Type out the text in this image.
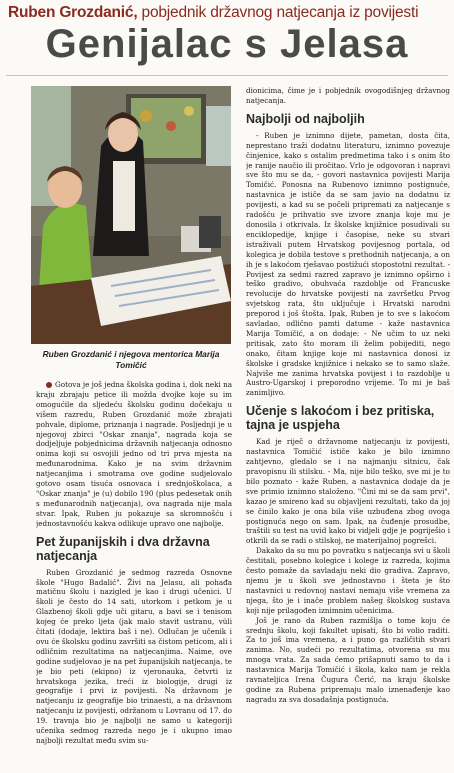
Ruben Grozdanić, pobjednik državnog natjecanja iz povijesti
Genijalac s Jelasa
Ruben Grozdanić i njegova mentorica Marija Tomičić

Gotova je još jedna školska godina i, dok neki na kraju zbrajaju petice ili možda dvojke koje su im omogućile da sljedeću školsku godinu dočekaju u višem razredu, Ruben Grozdanić može zbrajati pohvale, diplome, priznanja i nagrade. Posljednji je u njegovoj zbirci "Oskar znanja", nagrada koja se dodjeljuje pobjednicima državnih natjecanja odnosno onima koji su osvojili jedno od tri prva mjesta na međunarodnima. Kako je na svim državnim natjecanjima i smotrama ove godine sudjelovalo gotovo osam tisuća osnovaca i srednjoškolaca, a "Oskar znanja" je (u) dobilo 190 (plus pedesetak onih s međunarodnih natjecanja), ova nagrada nije mala stvar. Ipak, Ruben ju pokazuje sa skromnošću i jednostavnošću kakva odlikuje upravo one najbolje.

Pet županijskih i dva državna natjecanja

Ruben Grozdanić je sedmog razreda Osnovne škole "Hugo Badalić". Živi na Jelasu, ali pohađa matičnu školu i nazigled je kao i drugi učenici. U školi je često do 14 sati, utorkom i petkom je u Glazbenoj školi gdje uči gitaru, a bavi se i tenisom kojeg će preko ljeta (jak malo stavit ustranu, vüli čitati (dodaje, lektira baš i ne). Odlučan je učenik i ovu će školsku godinu završiti sa čistom peticom, ali i odličnim rezultatima na natjecanjima. Naime, ove godine sudjelovao je na pet županijskih natjecanja, te je bio peti (ekipno) iz vjeronauka, četvrti iz hrvatskoga jezika, treći iz biologije, drugi iz geografije i prvi iz povijesti. Na državnom je natjecanju iz geografije bio trinaesti, a na državnom natjecanju iz povijesti, održanom u Lovranu od 17. do 19. travnja bio je najbolji ne samo u kategoriji učenika sedmog razreda nego je i ukupno imao najbolji rezultat među svim su-

dionicima, čime je i pobjednik ovogodišnjeg državnog natjecanja.

Najbolji od najboljih

- Ruben je iznimno dijete, pametan, dosta čita, neprestano traži dodatnu literaturu, iznimno povezuje činjenice, kako s ostalim predmetima tako i s onim što je ranije naučio ili pročitao. Vrlo je odgovoran i napravi sve što mu se da, - govori nastavnica povijesti Marija Tomičić. Ponosna na Rubenovo iznimno postignuće, nastavnica je ističe da se sam javio na dodatnu iz povijesti, a kad su se počeli pripremati za natjecanje s radošću je prihvatio sve izvore znanja koje mu je donosila i otkrivala. Iz školske knjižnice posudivali su enciklopedije, knjige i časopise, neke su stvari istraživali putem Hrvatskog povijesnog portala, od kolegica je dobila testove s prethodnih natjecanja, a on ih je s lakoćom rješavao postižući stopostotni rezultat. - Povijest za sedmi razred zapravo je iznimno opširno i teško gradivo, obuhvaća razdoblje od Francuske revolucije do hrvatske povijesti na završetku Prvog svjetskog rata, što uključuje i Hrvatski narodni preporod i još štošta. Ipak, Ruben je to sve s lakoćom savladao, odlično pamti datume - kaže nastavnica Marija Tomičić, a on dodaje: - Ne učim to uz neki pritisak, zato što moram ili želim pobijediti, nego onako, čitam knjige koje mi nastavnica donosi iz školske i gradske knjižnice i nekako se to samo slaže. Najviše me zanima hrvatska povijest i to razdoblje u Austro-Ugarskoj i preporodno vrijeme. To mi je baš zanimljivo.

Učenje s lakoćom i bez pritiska, tajna je uspjeha

Kad je riječ o državnome natjecanju iz povijesti, nastavnica Tomičić ističe kako je bilo iznimno zahtjevno, gledalo se i na najmanju sitnicu, čak pravopisnu ili stilsku. - Ma, nije bilo teško, sve mi je to bilo poznato - kaže Ruben, a nastavnica dodaje da je sve primio iznimno staloženo. "Čini mi se da sam prvi", kazao je smireno kad su objavljeni rezultati, tako da joj se činilo kako je ona bila više uzbuđena zbog ovoga postignuća nego on sam. Ipak, na čuđenje prosudbe, traštili su test na uvid kako bi vidjeli gdje je pogriješio i otkrili da se radi o stilskoj, ne materijalnoj pogrešci.

Dakako da su mu po povratku s natjecanja svi u školi čestitali, posebno kolegice i kolege iz razreda, kojima često pomaže da savladaju neki dio gradiva. Zapravo, njemu je u školi sve jednostavno i šteta je što nastavnici u redovnoj nastavi nemaju više vremena za njega, što je i inače problem našeg školskog sustava koji nije prilagođen iznimnim učenicima.

Još je rano da Ruben razmišlja o tome koju će srednju školu, koji fakultet upisati, što bi volio raditi. Za to još ima vremena, a i puno ga različitih stvari zanima. No, sudeći po rezultatima, otvorena su mu mnoga vrata. Za sada ćemo prišapnuti samo to da i nastavnica Marija Tomičić i škola, kako nam je rekla ravnateljica Irena Čugura Čerić, na kraju školske godine za Rubena pripremaju malo iznenađenje kao nagradu za sva dosadašnja postignuća.
